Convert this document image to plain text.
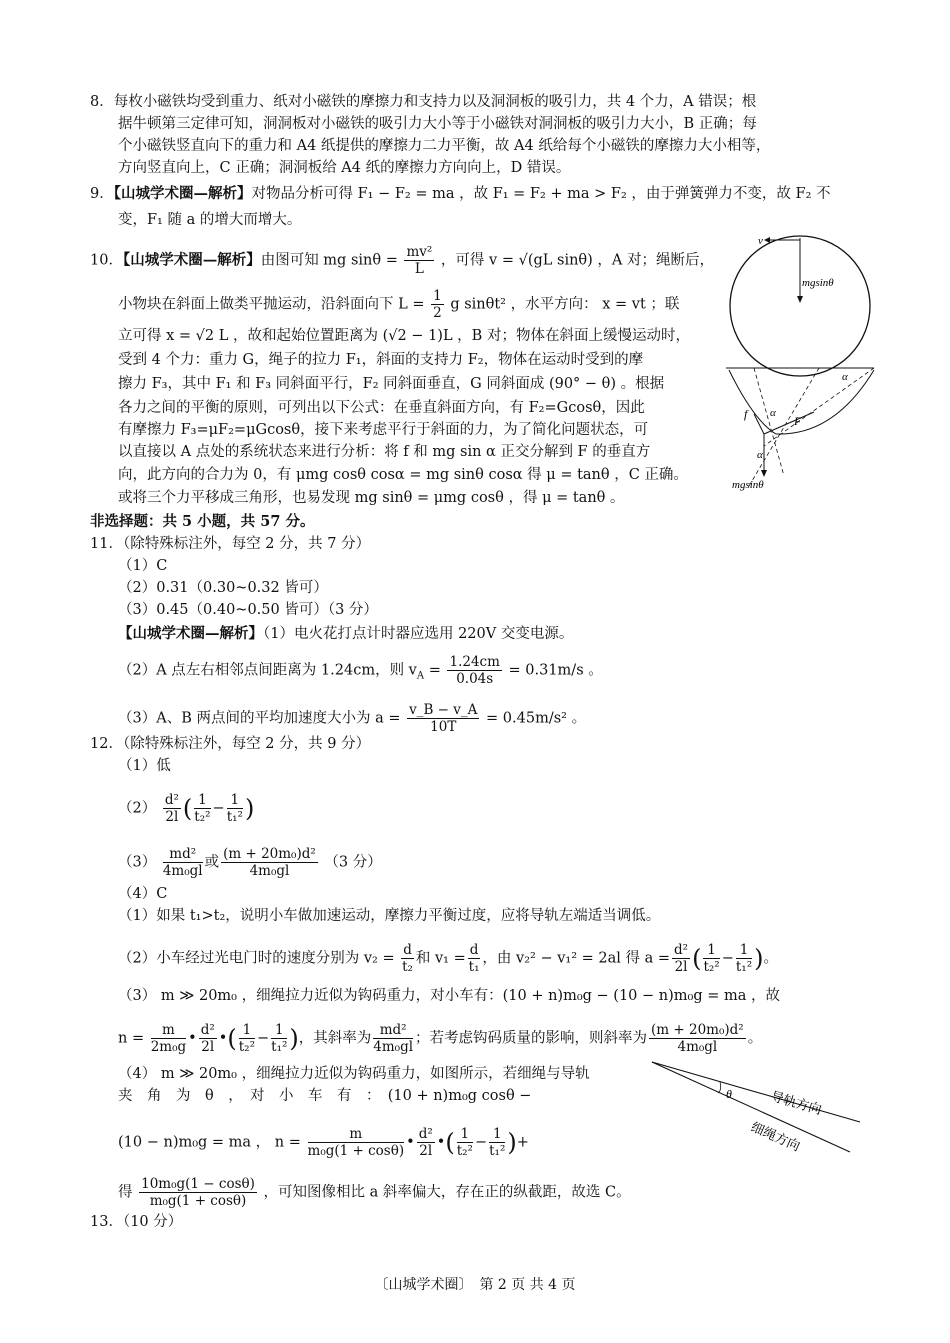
8．每枚小磁铁均受到重力、纸对小磁铁的摩擦力和支持力以及洞洞板的吸引力，共 4 个力，A 错误；根
据牛顿第三定律可知，洞洞板对小磁铁的吸引力大小等于小磁铁对洞洞板的吸引力大小，B 正确；每
个小磁铁竖直向下的重力和 A4 纸提供的摩擦力二力平衡，故 A4 纸给每个小磁铁的摩擦力大小相等，
方向竖直向上，C 正确；洞洞板给 A4 纸的摩擦力方向向上，D 错误。
9．【山城学术圈—解析】对物品分析可得 F₁ − F₂ = ma ，故 F₁ = F₂ + ma > F₂ ，由于弹簧弹力不变，故 F₂ 不
变，F₁ 随 a 的增大而增大。
10．【山城学术圈—解析】由图可知 mg $\sin\theta = \frac{\text{mv²}}{L}$ ，可得 v = √(gL sinθ) ，A 对；绳断后，
小物块在斜面上做类平抛运动，沿斜面向下 $L = \frac{1}{2}$ g sinθt² ，水平方向： x = vt ；联
立可得 x = √2 L ，故和起始位置距离为 (√2 − 1)L ，B 对；物体在斜面上缓慢运动时，
受到 4 个力：重力 G，绳子的拉力 F₁，斜面的支持力 F₂，物体在运动时受到的摩
擦力 F₃，其中 F₁ 和 F₃ 同斜面平行，F₂ 同斜面垂直，G 同斜面成 (90° − θ) 。根据
各力之间的平衡的原则，可列出以下公式：在垂直斜面方向，有 F₂=Gcosθ，因此
有摩擦力 F₃=μF₂=μGcosθ，接下来考虑平行于斜面的力，为了简化问题状态，可
以直接以 A 点处的系统状态来进行分析：将 f 和 mg sin α 正交分解到 F 的垂直方
向，此方向的合力为 0，有 μmg cosθ cosα = mg sinθ cosα 得 μ = tanθ ，C 正确。
或将三个力平移成三角形，也易发现 mg sinθ = μmg cosθ ，得 μ = tanθ 。
v
mgsinθ
α
α
α
f	F
mgsinθ
非选择题：共 5 小题，共 57 分。
11．（除特殊标注外，每空 2 分，共 7 分）
（1）C
（2）0.31（0.30~0.32 皆可）
（3）0.45（0.40~0.50 皆可）（3 分）
【山城学术圈—解析】（1）电火花打点计时器应选用 220V 交变电源。
（2）A 点左右相邻点间距离为 1.24cm，则 $v_A = \frac{1.24cm}{0.04s} = 0.31m/s$ 。
（3）A、B 两点间的平均加速度大小为 $a = \frac{v\_B - v\_A}{10T} = 0.45m/s^2$ 。
12．（除特殊标注外，每空 2 分，共 9 分）
（1）低
$(2) \frac{\text{d²}}{2l}$ ( $\frac{1}{\text{t₂²}} - \frac{1}{\text{t₁²}}$ )
$(3) \frac{\text{md²}}{\text{4m₀gl}}$ 或 $\frac{\text{(m + 20m₀)d²}}{\text{4m₀gl}} (3$ 分）
（4）C
（1）如果 t₁>t₂，说明小车做加速运动，摩擦力平衡过度，应将导轨左端适当调低。
（2）小车经过光电门时的速度分别为 $v_2 = \frac{d}{\text{t₂}}$ 和 $v_1 = \frac{d}{\text{t₁}}$ ，由 v₂² − v₁² = 2al 得 $a = \frac{\text{d²}}{2l}$ ( $\frac{1}{\text{t₂²}} - \frac{1}{\text{t₁²}}$ )。
（3） m ≫ 20m₀ ，细绳拉力近似为钩码重力，对小车有：(10 + n)m₀g − (10 − n)m₀g = ma ，故
$n = \frac{m}{\text{2m₀g}}$ • $\frac{\text{d²}}{2l}$ •( $\frac{1}{\text{t₂²}} - \frac{1}{\text{t₁²}}$ )，其斜率为 $\frac{\text{md²}}{\text{4m₀gl}}$ ；若考虑钩码质量的影响，则斜率为 $\frac{\text{(m + 20m₀)d²}}{\text{4m₀gl}}$ 。
（4） m ≫ 20m₀ ，细绳拉力近似为钩码重力，如图所示，若细绳与导轨
夹　角　为　θ　，　对　小　车　有　：　(10 + n)m₀g cosθ −
(10 − n)m₀g = ma ， $n = \frac{m}{\text{m₀g(1 + cosθ)}}$ • $\frac{\text{d²}}{2l}$ •( $\frac{1}{\text{t₂²}} - \frac{1}{\text{t₁²}}$ )+
得 $\frac{\text{10m₀g(1 − cosθ)}}{\text{m₀g(1 + cosθ)}}$ ，可知图像相比 a 斜率偏大，存在正的纵截距，故选 C。
θ	导轨方向
细绳方向
13．（10 分）
〔山城学术圈〕　第 2 页 共 4 页
